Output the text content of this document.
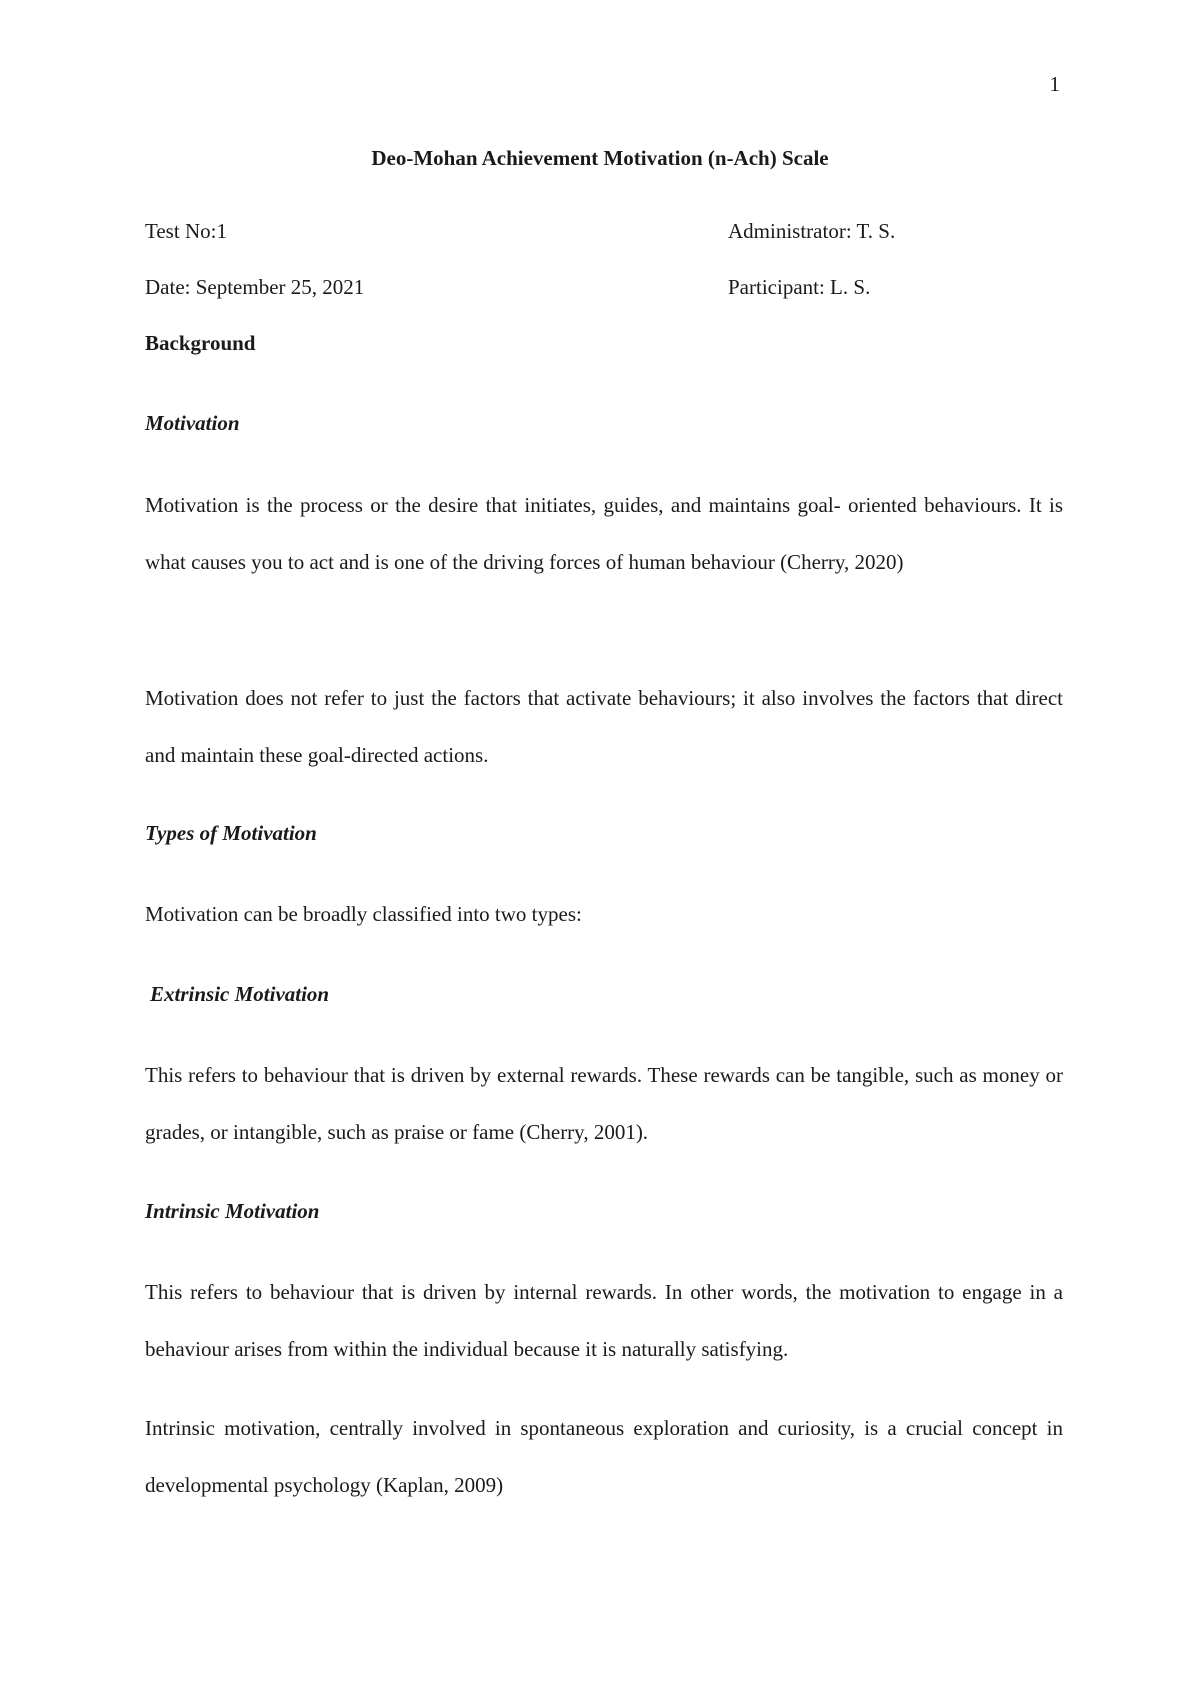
1
Deo-Mohan Achievement Motivation (n-Ach) Scale
Test No:1	Administrator: T. S.
Date: September 25, 2021	Participant: L. S.
Background
Motivation

Motivation is the process or the desire that initiates, guides, and maintains goal- oriented behaviours. It is what causes you to act and is one of the driving forces of human behaviour (Cherry, 2020)

Motivation does not refer to just the factors that activate behaviours; it also involves the factors that direct and maintain these goal-directed actions.

Types of Motivation

Motivation can be broadly classified into two types:

Extrinsic Motivation

This refers to behaviour that is driven by external rewards. These rewards can be tangible, such as money or grades, or intangible, such as praise or fame (Cherry, 2001).

Intrinsic Motivation

This refers to behaviour that is driven by internal rewards. In other words, the motivation to engage in a behaviour arises from within the individual because it is naturally satisfying.

Intrinsic motivation, centrally involved in spontaneous exploration and curiosity, is a crucial concept in developmental psychology (Kaplan, 2009)
